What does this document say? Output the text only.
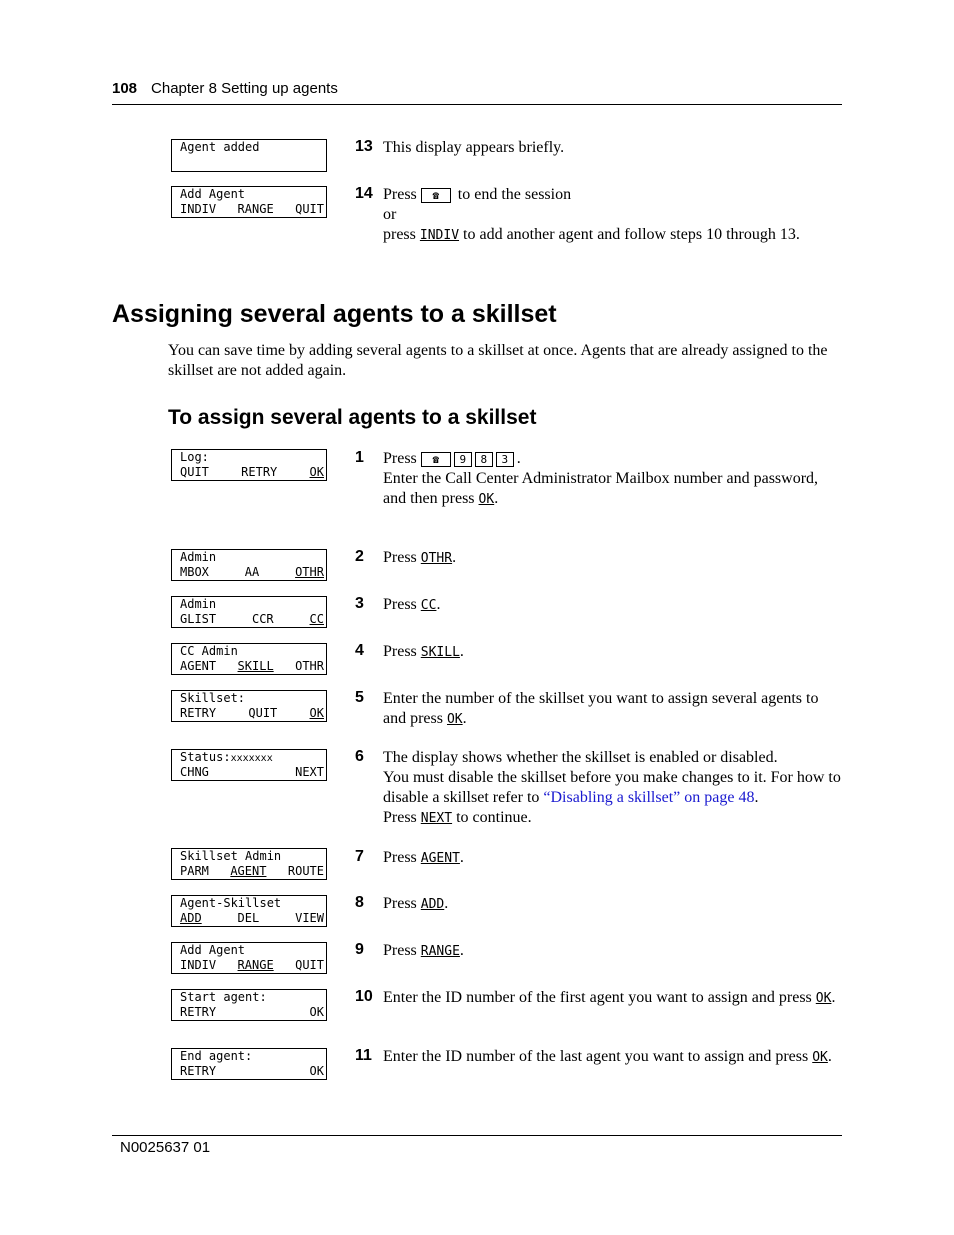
108 Chapter 8 Setting up agents
Agent added
Add Agent
INDIV RANGE QUIT
13 This display appears briefly.
14 Press ☎ to end the session
or
press INDIV to add another agent and follow steps 10 through 13.
Assigning several agents to a skillset
You can save time by adding several agents to a skillset at once. Agents that are already assigned to the skillset are not added again.
To assign several agents to a skillset
Log:
QUIT	RETRY	OK
Admin
MBOX	AA	OTHR
Admin
GLIST	CCR	CC
CC Admin
AGENT SKILL OTHR
Skillset:
RETRY	QUIT	OK
Status:xxxxxxx
CHNG	NEXT
Skillset Admin
PARM AGENT ROUTE
Agent-Skillset
ADD	DEL	VIEW
Add Agent
INDIV RANGE QUIT
Start agent:
RETRY	OK
End agent:
RETRY	OK
1 Press ☎ 9 8 3 .
Enter the Call Center Administrator Mailbox number and password,
and then press OK.
2 Press OTHR.
3 Press CC.
4 Press SKILL.
5 Enter the number of the skillset you want to assign several agents to and press OK.
6 The display shows whether the skillset is enabled or disabled.
You must disable the skillset before you make changes to it. For how to disable a skillset refer to “Disabling a skillset” on page 48.
Press NEXT to continue.
7 Press AGENT.
8 Press ADD.
9 Press RANGE.
10 Enter the ID number of the first agent you want to assign and press OK.
11 Enter the ID number of the last agent you want to assign and press OK.
N0025637 01
